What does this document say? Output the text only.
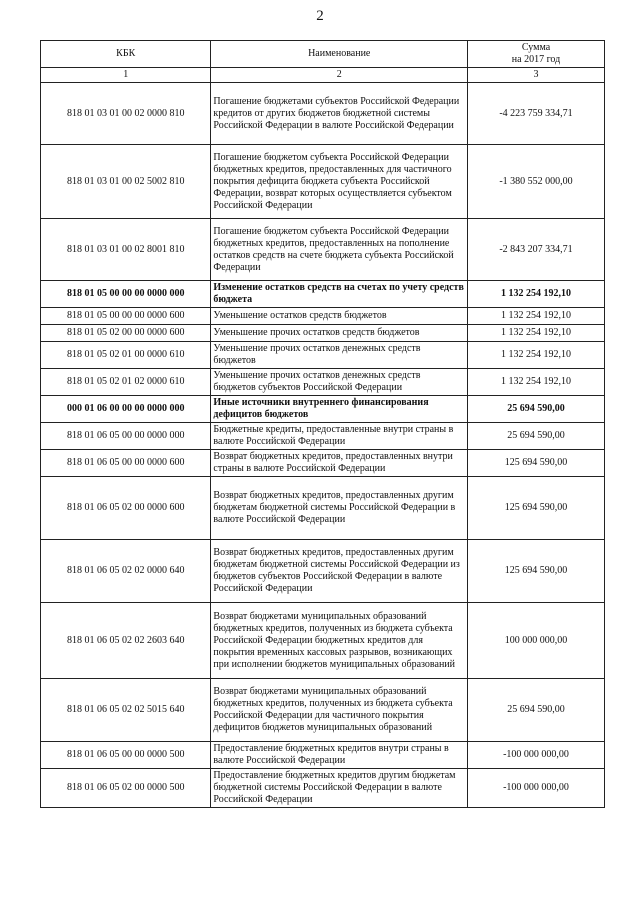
2
КБК	Наименование	Сумма
на 2017 год

1	2	3
818 01 03 01 00 02 0000 810	Погашение бюджетами субъектов Российской Федерации кредитов от других бюджетов бюджетной системы Российской Федерации в валюте Российской Федерации	-4 223 759 334,71
818 01 03 01 00 02 5002 810	Погашение бюджетом субъекта Российской Федерации бюджетных кредитов, предоставленных для частичного покрытия дефицита бюджета субъекта Российской Федерации, возврат которых осуществляется субъектом Российской Федерации	-1 380 552 000,00
818 01 03 01 00 02 8001 810	Погашение бюджетом субъекта Российской Федерации бюджетных кредитов, предоставленных на пополнение остатков средств на счете бюджета субъекта Российской Федерации	-2 843 207 334,71
818 01 05 00 00 00 0000 000	Изменение остатков средств на счетах по учету средств бюджета	1 132 254 192,10
818 01 05 00 00 00 0000 600	Уменьшение остатков средств бюджетов	1 132 254 192,10
818 01 05 02 00 00 0000 600	Уменьшение прочих остатков средств бюджетов	1 132 254 192,10
818 01 05 02 01 00 0000 610	Уменьшение прочих остатков денежных средств бюджетов	1 132 254 192,10
818 01 05 02 01 02 0000 610	Уменьшение прочих остатков денежных средств бюджетов субъектов Российской Федерации	1 132 254 192,10
000 01 06 00 00 00 0000 000	Иные источники внутреннего финансирования дефицитов бюджетов	25 694 590,00
818 01 06 05 00 00 0000 000	Бюджетные кредиты, предоставленные внутри страны в валюте Российской Федерации	25 694 590,00
818 01 06 05 00 00 0000 600	Возврат бюджетных кредитов, предоставленных внутри страны в валюте Российской Федерации	125 694 590,00
818 01 06 05 02 00 0000 600	Возврат бюджетных кредитов, предоставленных другим бюджетам бюджетной системы Российской Федерации в валюте Российской Федерации	125 694 590,00
818 01 06 05 02 02 0000 640	Возврат бюджетных кредитов, предоставленных другим бюджетам бюджетной системы Российской Федерации из бюджетов субъектов Российской Федерации в валюте Российской Федерации	125 694 590,00
818 01 06 05 02 02 2603 640	Возврат бюджетами муниципальных образований бюджетных кредитов, полученных из бюджета субъекта Российской Федерации бюджетных кредитов для покрытия временных кассовых разрывов, возникающих при исполнении бюджетов муниципальных образований	100 000 000,00
818 01 06 05 02 02 5015 640	Возврат бюджетами муниципальных образований бюджетных кредитов, полученных из бюджета субъекта Российской Федерации для частичного покрытия дефицитов бюджетов муниципальных образований	25 694 590,00
818 01 06 05 00 00 0000 500	Предоставление бюджетных кредитов внутри страны в валюте Российской Федерации	-100 000 000,00
818 01 06 05 02 00 0000 500	Предоставление бюджетных кредитов другим бюджетам бюджетной системы Российской Федерации в валюте Российской Федерации	-100 000 000,00
